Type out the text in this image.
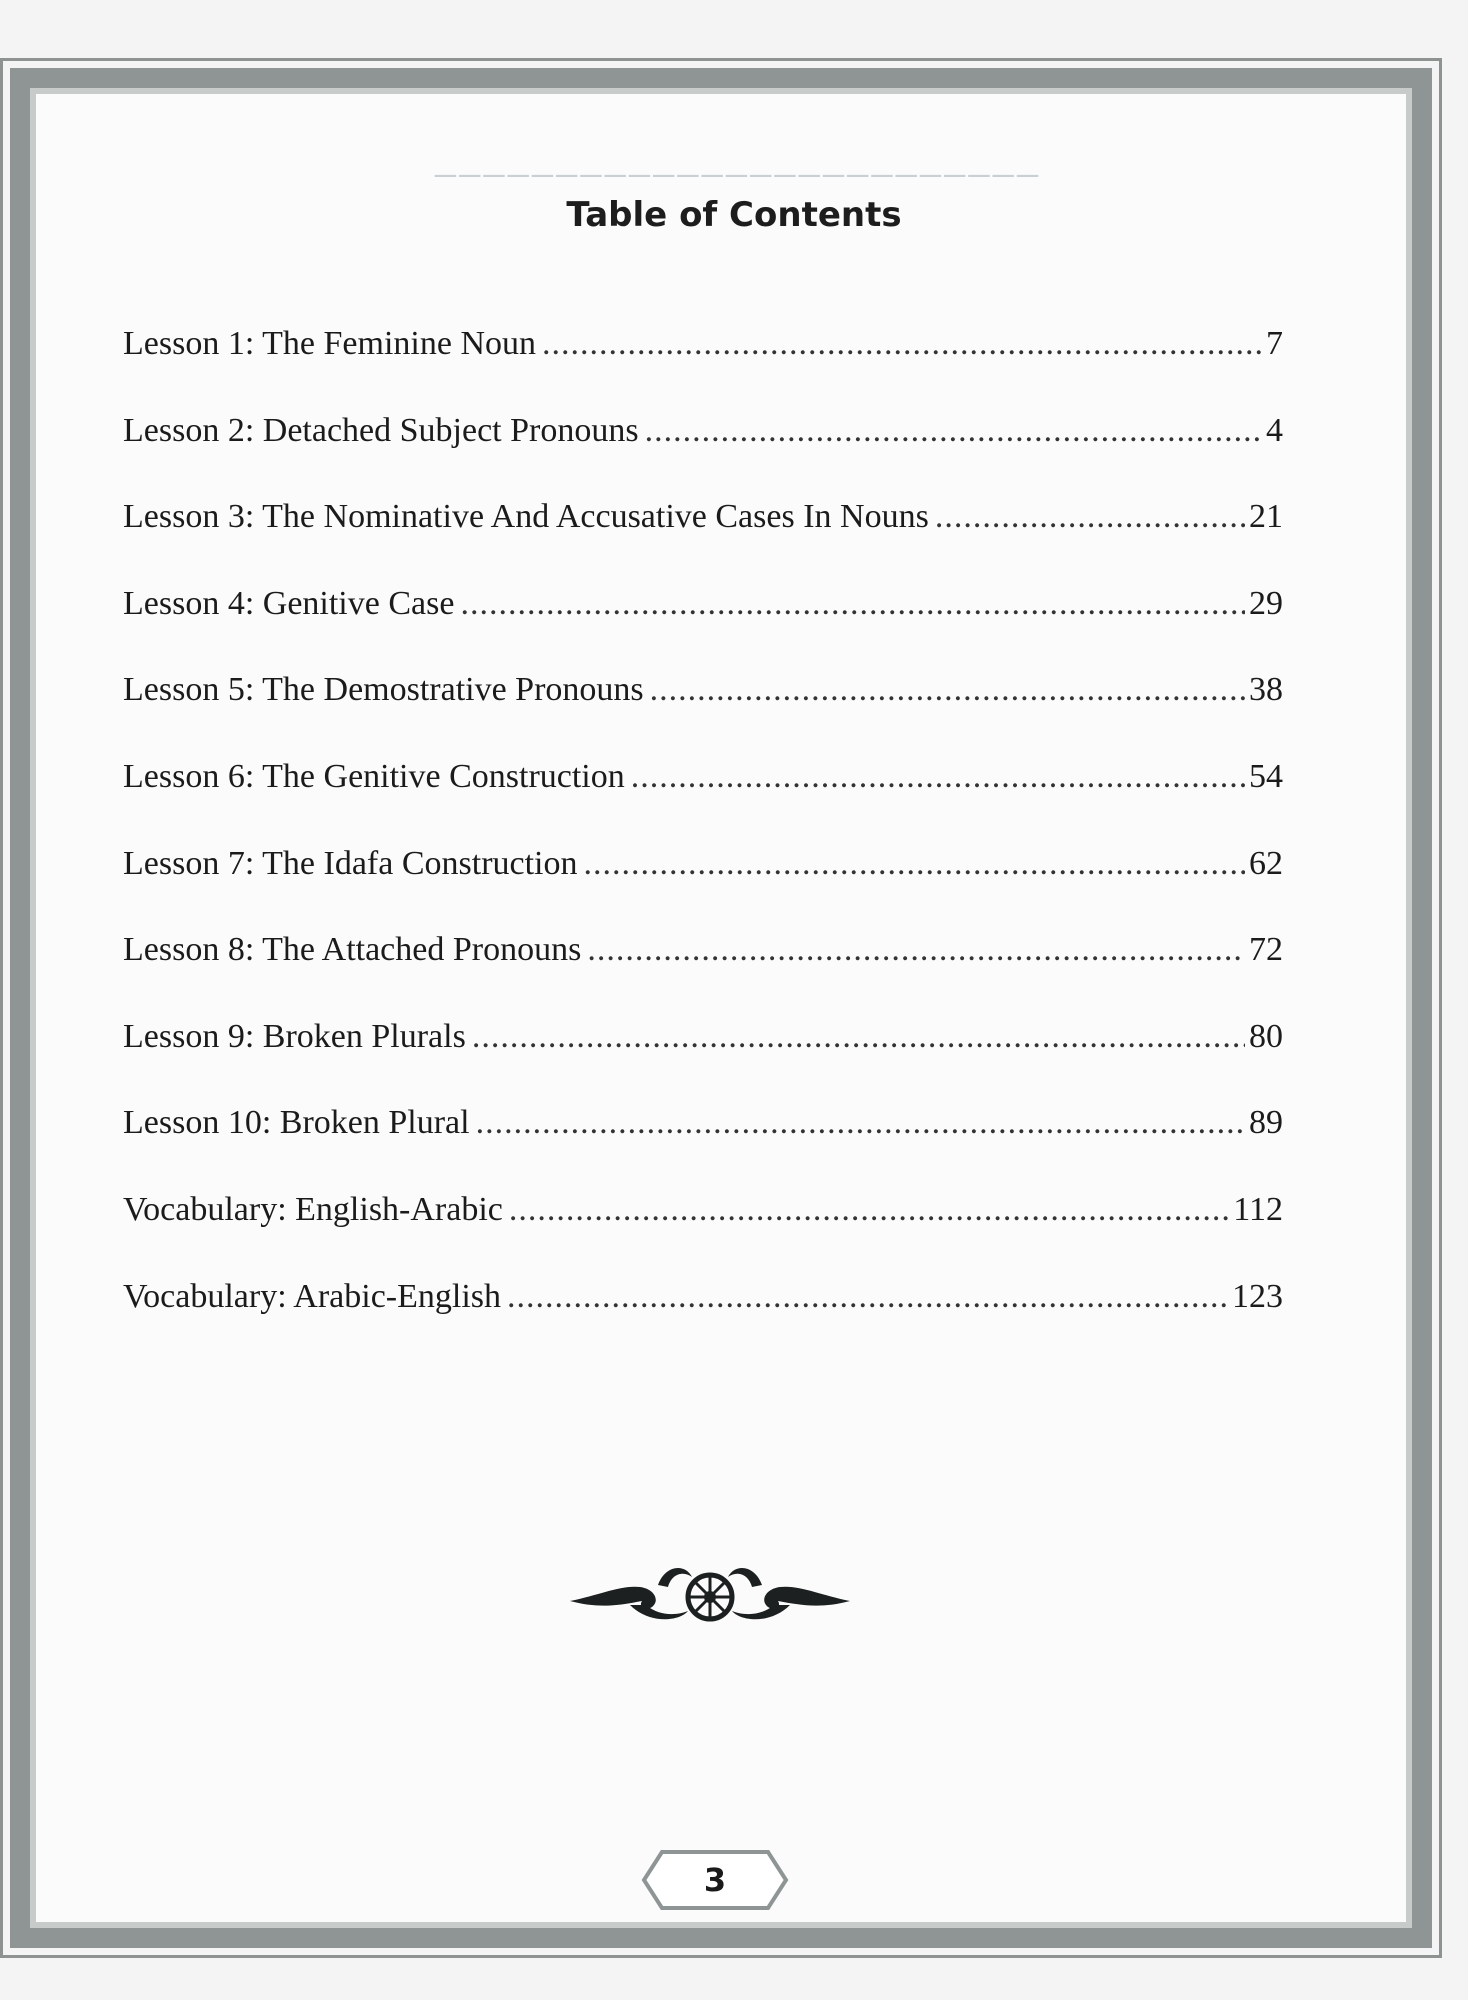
─────────────────────────
Table of Contents
Lesson 1: The Feminine Noun .....	7
Lesson 2: Detached Subject Pronouns .....	4
Lesson 3: The Nominative And Accusative Cases In Nouns .....	21
Lesson 4: Genitive Case .....	29
Lesson 5: The Demostrative Pronouns .....	38
Lesson 6: The Genitive Construction .....	54
Lesson 7: The Idafa Construction .....	62
Lesson 8: The Attached Pronouns .....	72
Lesson 9: Broken Plurals .....	80
Lesson 10: Broken Plural .....	89
Vocabulary: English-Arabic .....	112
Vocabulary: Arabic-English .....	123
3
